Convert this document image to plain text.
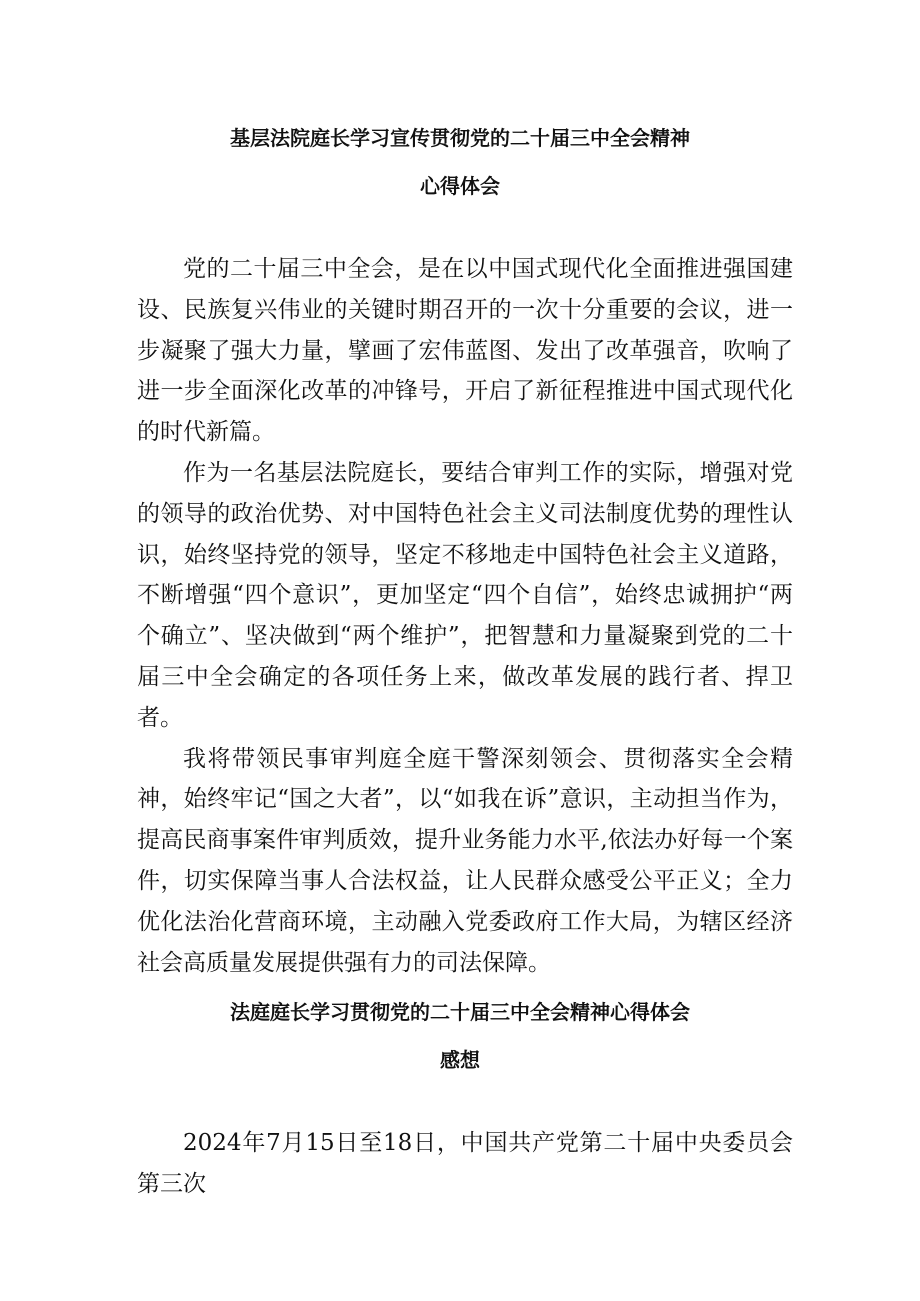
基层法院庭长学习宣传贯彻党的二十届三中全会精神
心得体会

党的二十届三中全会，是在以中国式现代化全面推进强国建设、民族复兴伟业的关键时期召开的一次十分重要的会议，进一步凝聚了强大力量，擘画了宏伟蓝图、发出了改革强音，吹响了进一步全面深化改革的冲锋号，开启了新征程推进中国式现代化的时代新篇。

作为一名基层法院庭长，要结合审判工作的实际，增强对党的领导的政治优势、对中国特色社会主义司法制度优势的理性认识，始终坚持党的领导，坚定不移地走中国特色社会主义道路，不断增强“四个意识”，更加坚定“四个自信”，始终忠诚拥护“两个确立”、坚决做到“两个维护”，把智慧和力量凝聚到党的二十届三中全会确定的各项任务上来，做改革发展的践行者、捍卫者。

我将带领民事审判庭全庭干警深刻领会、贯彻落实全会精神，始终牢记“国之大者”，以“如我在诉”意识，主动担当作为，提高民商事案件审判质效，提升业务能力水平,依法办好每一个案件，切实保障当事人合法权益，让人民群众感受公平正义；全力优化法治化营商环境，主动融入党委政府工作大局，为辖区经济社会高质量发展提供强有力的司法保障。

法庭庭长学习贯彻党的二十届三中全会精神心得体会
感想

2024年7月15日至18日，中国共产党第二十届中央委员会第三次
